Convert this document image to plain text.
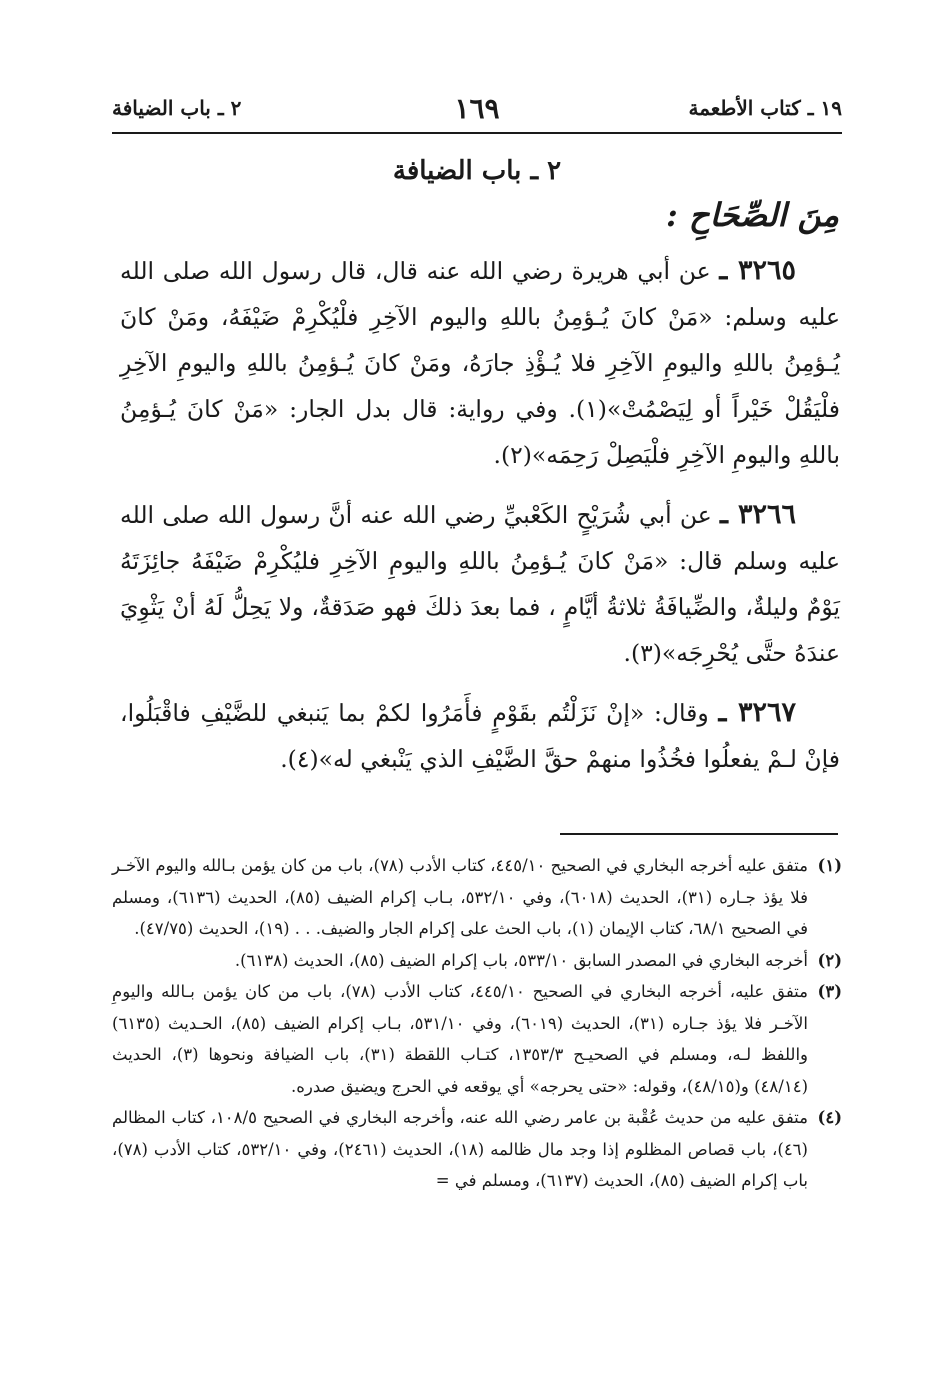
١٩ ـ كتاب الأطعمة
١٦٩
٢ ـ باب الضيافة
٢ ـ باب الضيافة
مِنَ الصِّحَاحِ :

٣٢٦٥ ـ عن أبي هريرة رضي الله عنه قال، قال رسول الله صلى الله عليه وسلم: «مَنْ كانَ يُـؤمِنُ باللهِ واليوم الآخِرِ فلْيُكْرِمْ ضَيْفَهُ، ومَنْ كانَ يُـؤمِنُ باللهِ واليومِ الآخِرِ فلا يُـؤْذِ جارَهُ، ومَنْ كانَ يُـؤمِنُ باللهِ واليومِ الآخِرِ فلْيَقُلْ خَيْراً أو لِيَصْمُتْ»(١). وفي رواية: قال بدل الجار: «مَنْ كانَ يُـؤمِنُ باللهِ واليومِ الآخِرِ فلْيَصِلْ رَحِمَه»(٢).

٣٢٦٦ ـ عن أبي شُرَيْحٍ الكَعْبيِّ رضي الله عنه أنَّ رسول الله صلى الله عليه وسلم قال: «مَنْ كانَ يُـؤمِنُ باللهِ واليومِ الآخِرِ فليُكْرِمْ ضَيْفَهُ جائِزَتَهُ يَوْمٌ وليلةٌ، والضِّيافَةُ ثلاثةُ أيَّامٍ ، فما بعدَ ذلكَ فهو صَدَقةٌ، ولا يَحِلُّ لَهُ أنْ يَثْوِيَ عندَهُ حتَّى يُحْرِجَه»(٣).

٣٢٦٧ ـ وقال: «إنْ نَزَلْتُم بقَوْمٍ فأَمَرُوا لكمْ بما يَنبغي للضَّيْفِ فاقْبَلُوا، فإنْ لـمْ يفعلُوا فخُذُوا منهمْ حقَّ الضَّيْفِ الذي يَنْبغي له»(٤).

(١)
متفق عليه أخرجه البخاري في الصحيح ٤٤٥/١٠، كتاب الأدب (٧٨)، باب من كان يؤمن بـالله واليوم الآخـر فلا يؤذ جـاره (٣١)، الحديث (٦٠١٨)، وفي ٥٣٢/١٠، بـاب إكرام الضيف (٨٥)، الحديث (٦١٣٦)، ومسلم في الصحيح ٦٨/١، كتاب الإيمان (١)، باب الحث على إكرام الجار والضيف. . . (١٩)، الحديث (٤٧/٧٥).
(٢)
أخرجه البخاري في المصدر السابق ٥٣٣/١٠، باب إكرام الضيف (٨٥)، الحديث (٦١٣٨).
(٣)
متفق عليه، أخرجه البخاري في الصحيح ٤٤٥/١٠، كتاب الأدب (٧٨)، باب من كان يؤمن بـالله واليومِ الآخـر فلا يؤذ جـاره (٣١)، الحديث (٦٠١٩)، وفي ٥٣١/١٠، بـاب إكرام الضيف (٨٥)، الحـديث (٦١٣٥) واللفظ لـه، ومسلم في الصحيـح ١٣٥٣/٣، كتـاب اللقطة (٣١)، باب الضيافة ونحوها (٣)، الحديث (٤٨/١٤) و(٤٨/١٥)، وقوله: «حتى يحرجه» أي يوقعه في الحرج ويضيق صدره.
(٤)
متفق عليه من حديث عُقْبة بن عامر رضي الله عنه، وأخرجه البخاري في الصحيح ١٠٨/٥، كتاب المظالم (٤٦)، باب قصاص المظلوم إذا وجد مال ظالمه (١٨)، الحديث (٢٤٦١)، وفي ٥٣٢/١٠، كتاب الأدب (٧٨)، باب إكرام الضيف (٨٥)، الحديث (٦١٣٧)، ومسلم في =
